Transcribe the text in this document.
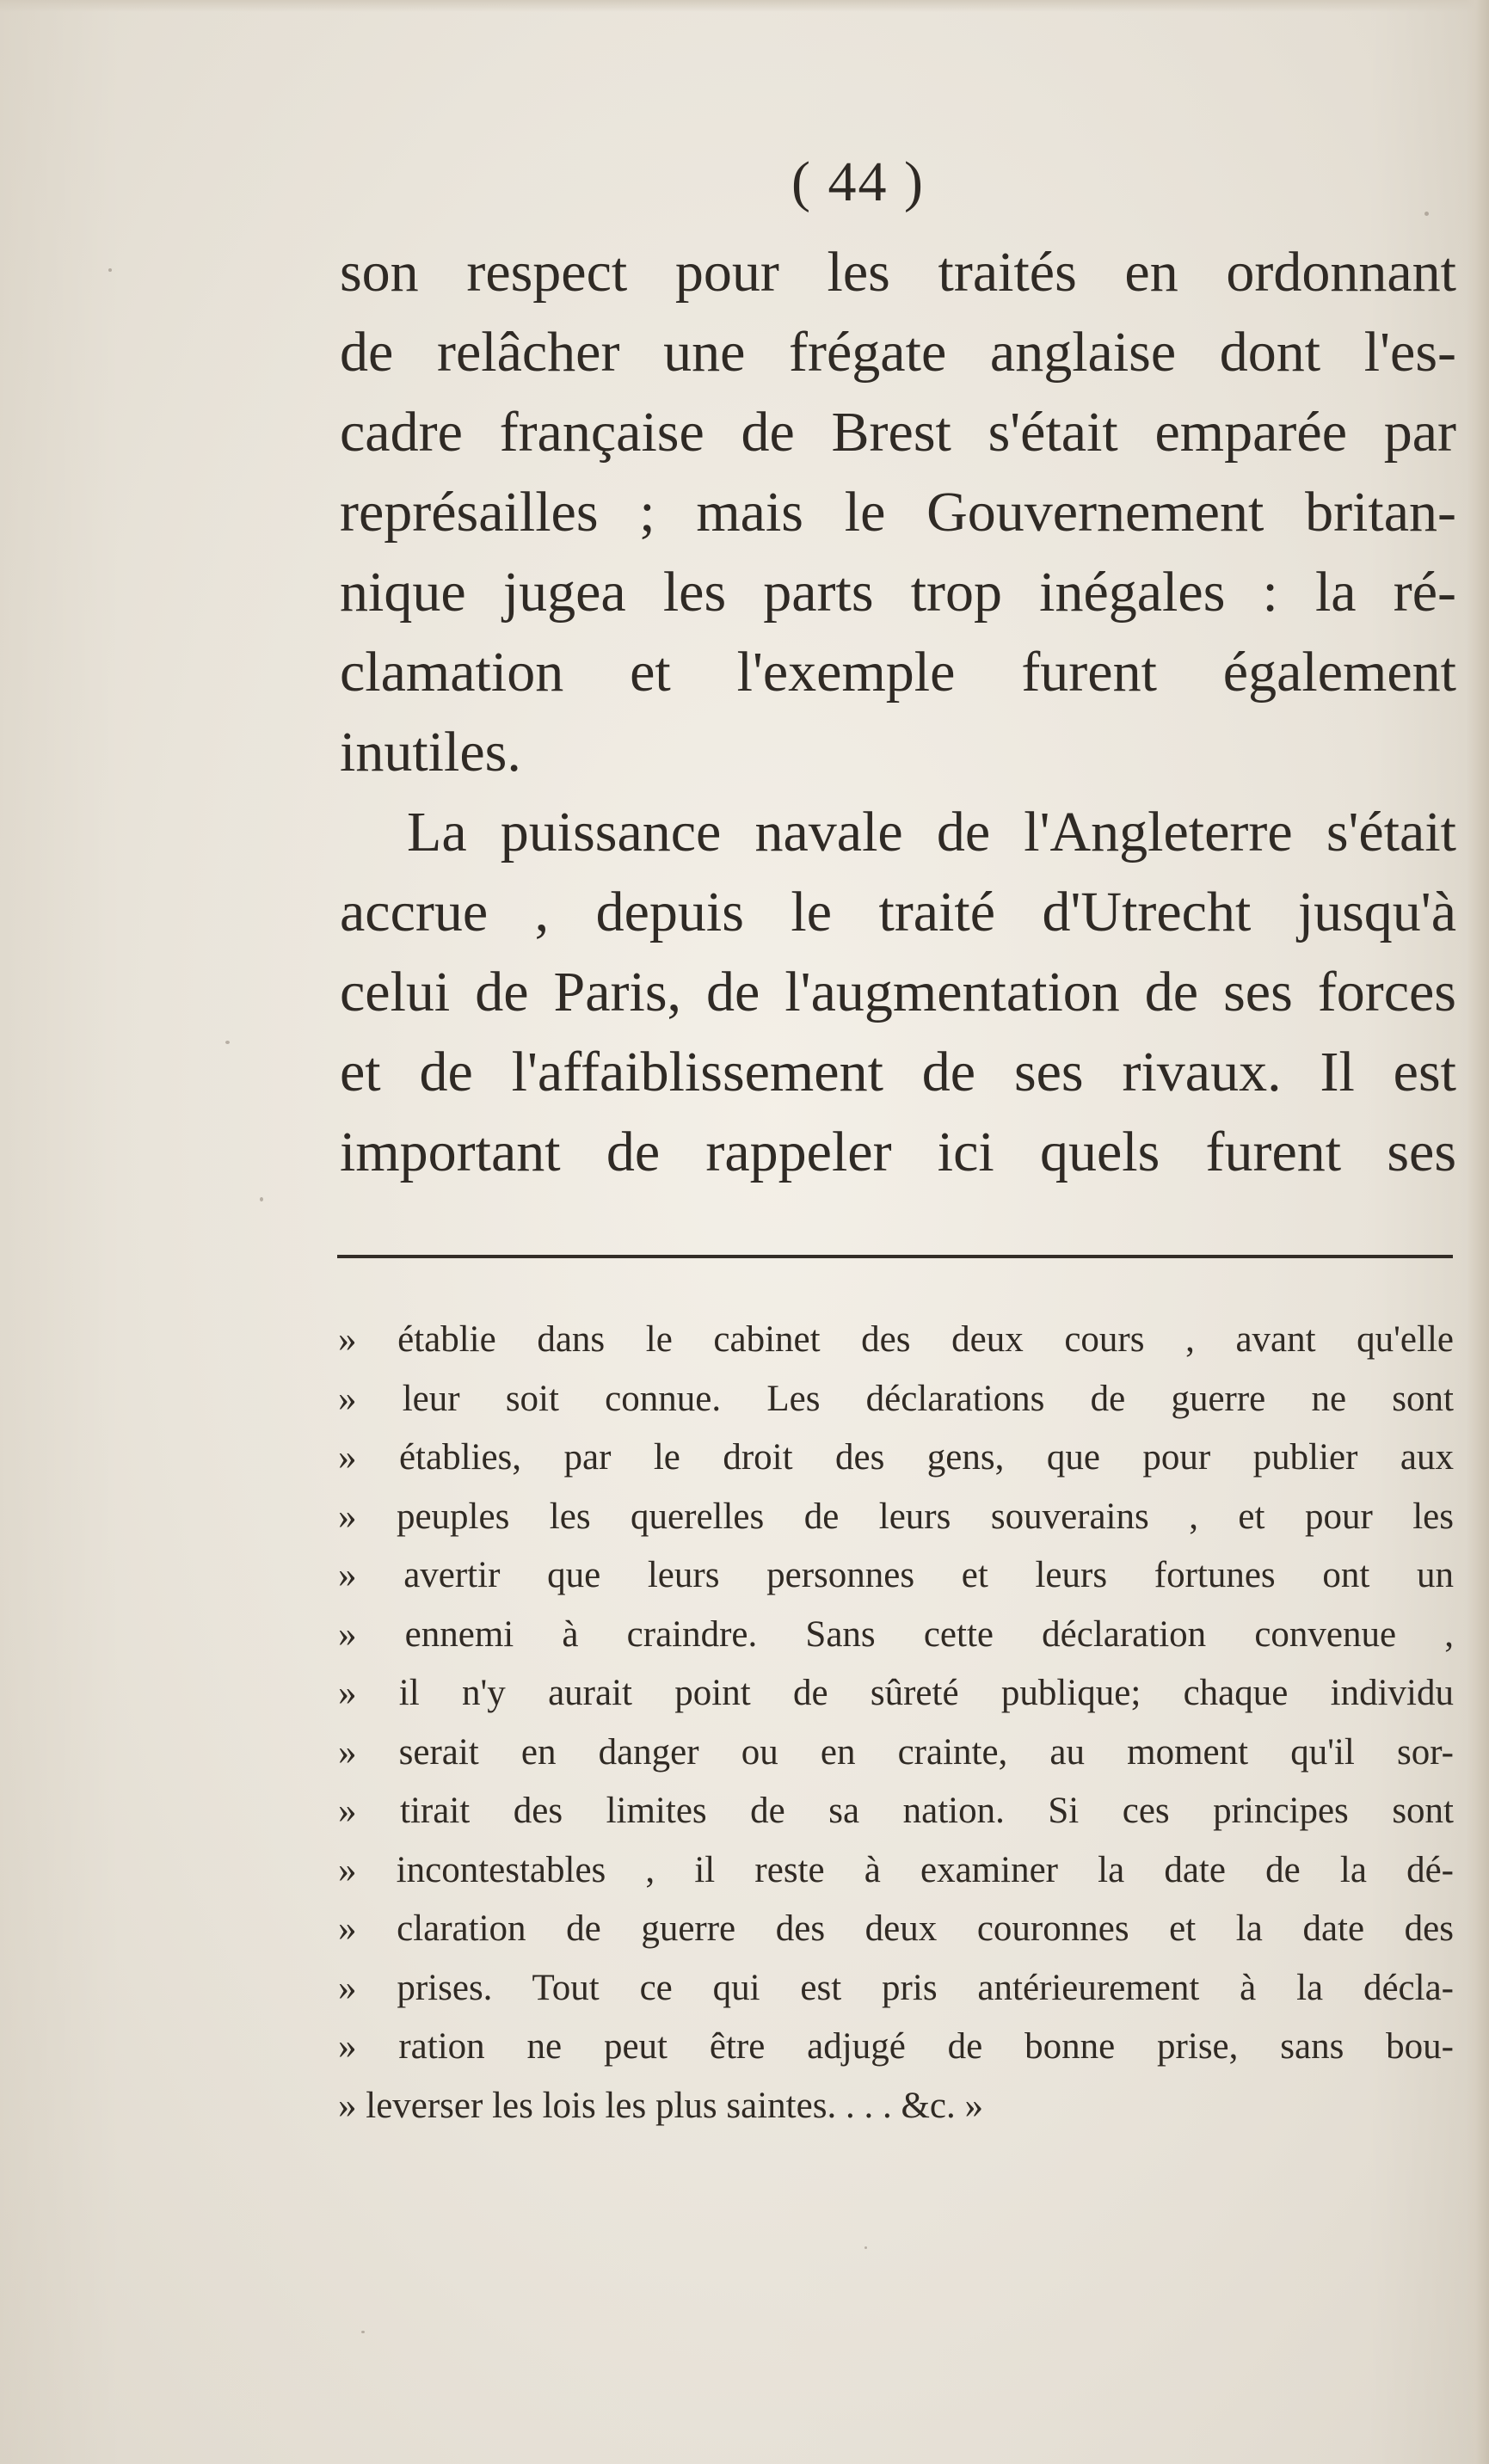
( 44 )
son respect pour les traités en ordonnant
de relâcher une frégate anglaise dont l'es-
cadre française de Brest s'était emparée par
représailles ; mais le Gouvernement britan-
nique jugea les parts trop inégales : la ré-
clamation et l'exemple furent également
inutiles.
La puissance navale de l'Angleterre s'était
accrue , depuis le traité d'Utrecht jusqu'à
celui de Paris, de l'augmentation de ses forces
et de l'affaiblissement de ses rivaux. Il est
important de rappeler ici quels furent ses
» établie dans le cabinet des deux cours , avant qu'elle
» leur soit connue. Les déclarations de guerre ne sont
» établies, par le droit des gens, que pour publier aux
» peuples les querelles de leurs souverains , et pour les
» avertir que leurs personnes et leurs fortunes ont un
» ennemi à craindre. Sans cette déclaration convenue ,
» il n'y aurait point de sûreté publique; chaque individu
» serait en danger ou en crainte, au moment qu'il sor-
» tirait des limites de sa nation. Si ces principes sont
» incontestables , il reste à examiner la date de la dé-
» claration de guerre des deux couronnes et la date des
» prises. Tout ce qui est pris antérieurement à la décla-
» ration ne peut être adjugé de bonne prise, sans bou-
» leverser les lois les plus saintes. . . . &c. »
